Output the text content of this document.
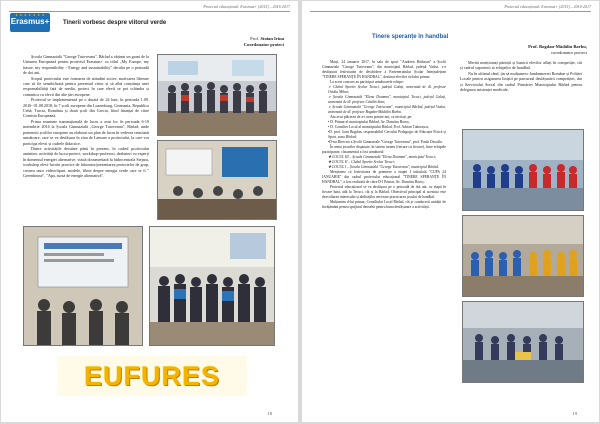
Proiectul educațional: Erasmus+ (2015) – 2016-2017
★ ★ ★ ★ ★ ★ ★
Erasmus+ Tinerii vorbesc despre viitorul verde
Prof. Stoian Irina
Coordonator proiect

Școala Gimnazială "George Tutoveanu", Bârlad a obținut un grant de la Uniunea Europeană pentru proiectul Erasmus+ cu titlul „My Europe, my future, my responsibility - Energy and sustainability" derulat pe o perioadă de doi ani.

Scopul proiectului este formarea de atitudini active, motivarea liberare care să fie sensibilizată pentru prezentul viitor și să aibă conștiința unei responsabilități față de media, proiect în care elevii se pot schimba și comunica cu elevii din alte țări europene.

Proiectul se implementează pe o durată de 24 luni, în perioada 1.09. 2016- 01.08.2018, în 7 școli europene din Luxemburg, Germania, Republica Cehă, Turcia, România și două școli din Grecia, fiind finanțat de către Comisia Europeană.

Prima reuniune transnațională de lucru a avut loc în perioada 6-10 noiembrie 2016 la Școala Gimnazială „George Tutoveanu", Bârlad, unde partenerii școlilor europene au elaborat un plan de lucru în vederea reuniunii următoare, care se va desfășura în ziua de Lansare a proiectului, la care vor participa elevii și cadrele didactice.

Dintre activitățile derulate până în prezent, în cadrul proiectului amintim: activități de lucru-proiect, workshop-profesori, dezbateri cu experți în domeniul energiei alternative, vizită documentară la hidrocentrala Stejaru, workshop elevi-lucrări practice de laborator/prezentarea proiectelor de grup, crearea unor videoclipuri, modele, filme despre energia verde care se fi " Greenhouse", "Apa, sursă de energie alternativă".

EUFURES
18
Proiectul educațional: Erasmus+ (2015) – 2016-2017
Tinere speranțe în handbal
Prof. Bogdan-Mădălin Barbu,
coordonator proiect

Marți, 24 ianuarie 2017, în sala de sport "Andreea Răducan" a Școlii Gimnaziale "George Tutoveanu", din municipiul Bârlad, județul Vaslui, s-a desfășurat festivitatea de deschidere a Parteneriatului Școlar Interjudețean "TINERE SPERANȚE ÎN HANDBAL", destinat elevilor ciclului primar.

La acest concurs au participat următoarele echipe:

➢ Clubul Sportiv Școlar Tecuci, județul Galați, antrenată de dl. profesor Ovidiu Mihai;

➢ Școala Gimnazială "Elena Doamna", municipiul Tecuci, județul Galați, antrenată de dl. profesor Cătălin Stan;

➢ Școala Gimnazială "George Tutoveanu", municipiul Bârlad, județul Vaslui, antrenată de dl. profesor Bogdan-Mădălin Barbu.

Am avut plăcerea de a-i avea printre noi, ca invitați, pe:

• D. Primar al municipiului Bârlad, Av. Dumitru Boroș;

• D. Consilier Local al municipiului Bârlad, Prof. Adrian Tudorașcu;

•D. prof. Ioan Bogdan, responsabilul Cercului Pedagogic de Educație Fizică și Sport, zona Bârlad;

•D-na Director a Școlii Gimnaziale "George Tutoveanu", prof. Paula Dascălu.

În urma jocurilor disputate, în sistem turneu (fiecare cu fiecare), între echipele participante, clasamentul a fost următorul:

❖ LOCUL III – Școala Gimnazială "Elena Doamna", municipiul Tecuci;

❖ LOCUL II – Clubul Sportiv Școlar Tecuci;

❖ LOCUL I – Școala Gimnazială "George Tutoveanu", municipiul Bârlad.

Menționez că festivitatea de premiere a etapei I intitulată "CUPA 24 IANUARIE" din cadrul proiectului educațional "TINERE SPERANȚE ÎN HANDBAL", a fost realizată de către D-l Primar, Av. Dumitru Boroș.

Proiectul educațional se va desfășura pe o perioadă de doi ani, cu etapă în fiecare lună, atât la Tecuci, cât și la Bârlad. Obiectivul principal al acestuia este dezvoltarea interesului și abilităților necesare practicarea jocului de handbal.

Mulțumim d-lui primar, Consiliului Local Bârlad, cât și conducerii unității de învățământ pentru sprijinul deosebit pentru buna desfășurare a activității.

Merită menționați părinții și bunicii elevilor aflați în competiție, cât și cadrul suporterii ai echipelor de handbal.

Nu în ultimul rând, țin să mulțumesc Jandarmeriei Române și Poliției Locale pentru asigurarea liniștii pe parcursul desfășurării competiției, dar și Serviciului Social din cadrul Primăriei Municipiului Bârlad pentru delegarea asistenței medicale.

19
